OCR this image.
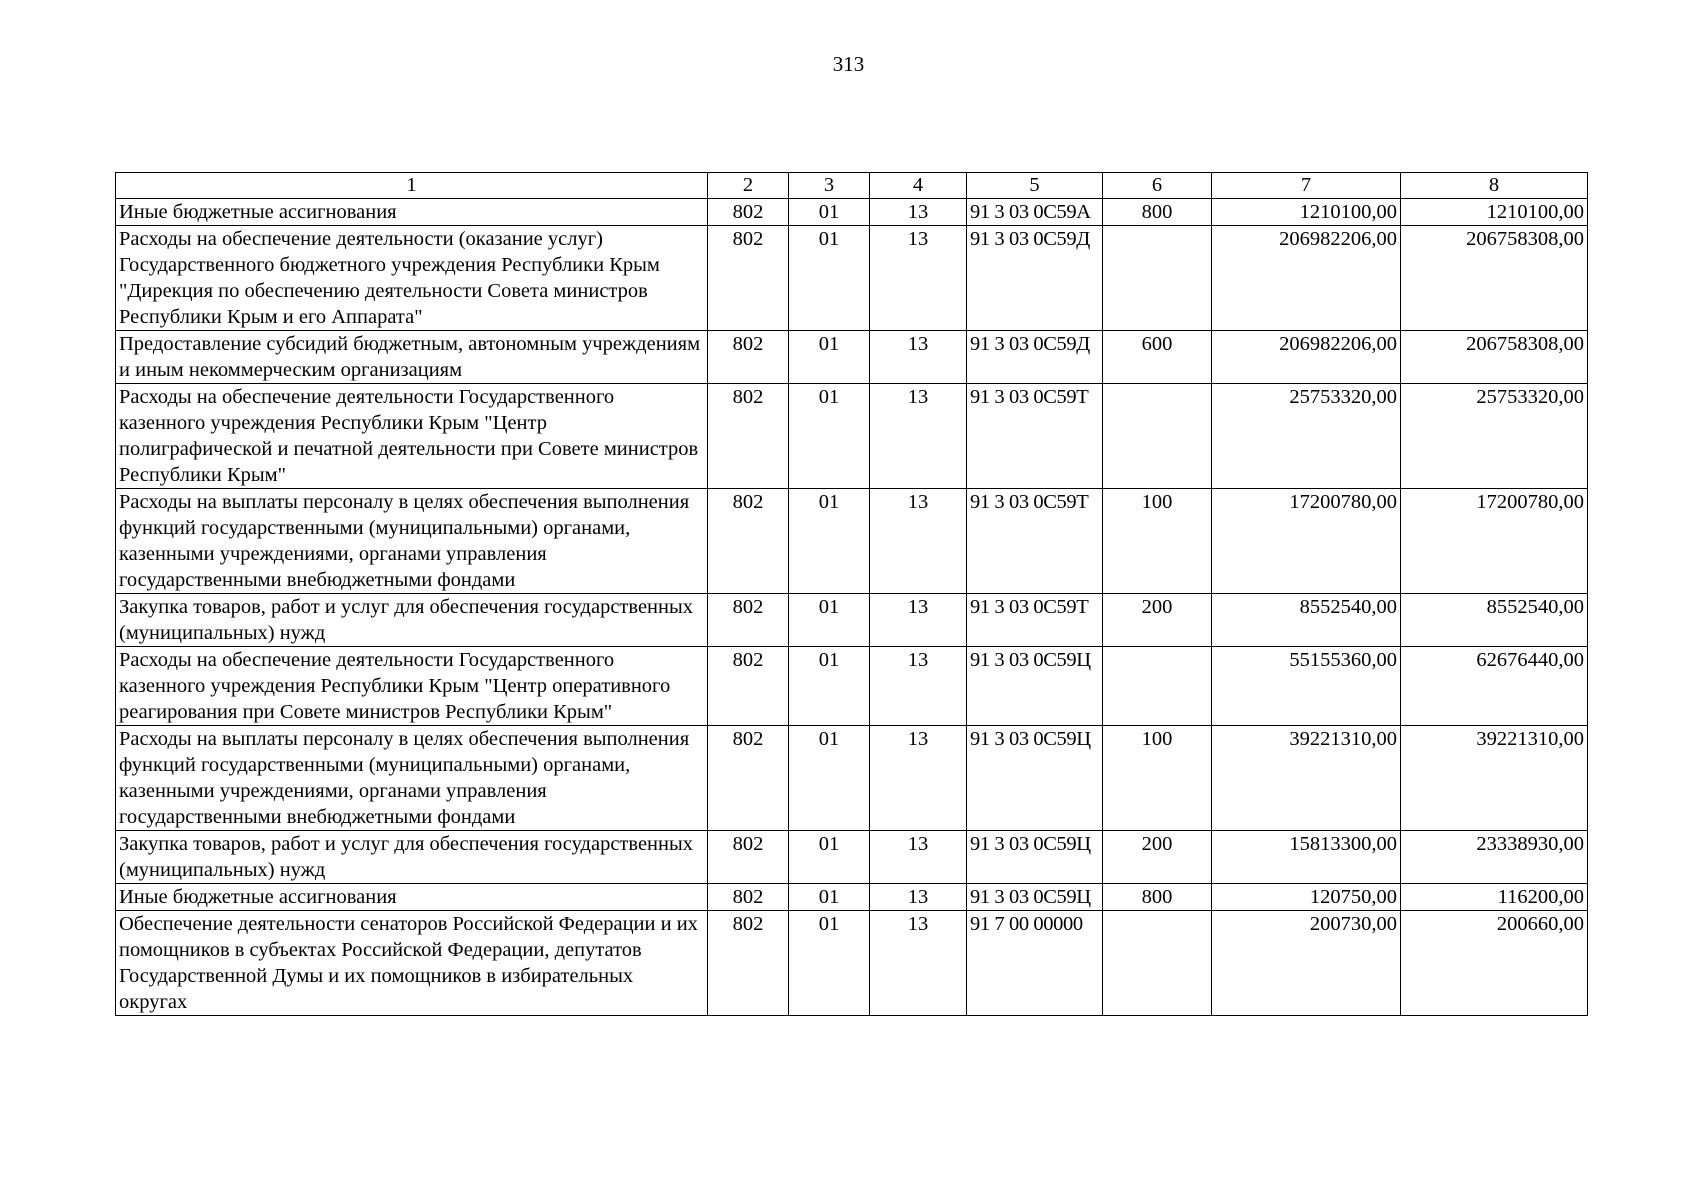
313
1	2	3	4	5	6	7	8
Иные бюджетные ассигнования	802	01	13	91 3 03 0С59А	800	1210100,00	1210100,00
Расходы на обеспечение деятельности (оказание услуг) Государственного бюджетного учреждения Республики Крым "Дирекция по обеспечению деятельности Совета министров Республики Крым и его Аппарата"	802	01	13	91 3 03 0С59Д		206982206,00	206758308,00
Предоставление субсидий бюджетным, автономным учреждениям и иным некоммерческим организациям	802	01	13	91 3 03 0С59Д	600	206982206,00	206758308,00
Расходы на обеспечение деятельности Государственного казенного учреждения Республики Крым "Центр полиграфической и печатной деятельности при Совете министров Республики Крым"	802	01	13	91 3 03 0С59Т		25753320,00	25753320,00
Расходы на выплаты персоналу в целях обеспечения выполнения функций государственными (муниципальными) органами, казенными учреждениями, органами управления государственными внебюджетными фондами	802	01	13	91 3 03 0С59Т	100	17200780,00	17200780,00
Закупка товаров, работ и услуг для обеспечения государственных (муниципальных) нужд	802	01	13	91 3 03 0С59Т	200	8552540,00	8552540,00
Расходы на обеспечение деятельности Государственного казенного учреждения Республики Крым "Центр оперативного реагирования при Совете министров Республики Крым"	802	01	13	91 3 03 0С59Ц		55155360,00	62676440,00
Расходы на выплаты персоналу в целях обеспечения выполнения функций государственными (муниципальными) органами, казенными учреждениями, органами управления государственными внебюджетными фондами	802	01	13	91 3 03 0С59Ц	100	39221310,00	39221310,00
Закупка товаров, работ и услуг для обеспечения государственных (муниципальных) нужд	802	01	13	91 3 03 0С59Ц	200	15813300,00	23338930,00
Иные бюджетные ассигнования	802	01	13	91 3 03 0С59Ц	800	120750,00	116200,00
Обеспечение деятельности сенаторов Российской Федерации и их помощников в субъектах Российской Федерации, депутатов Государственной Думы и их помощников в избирательных округах	802	01	13	91 7 00 00000		200730,00	200660,00
